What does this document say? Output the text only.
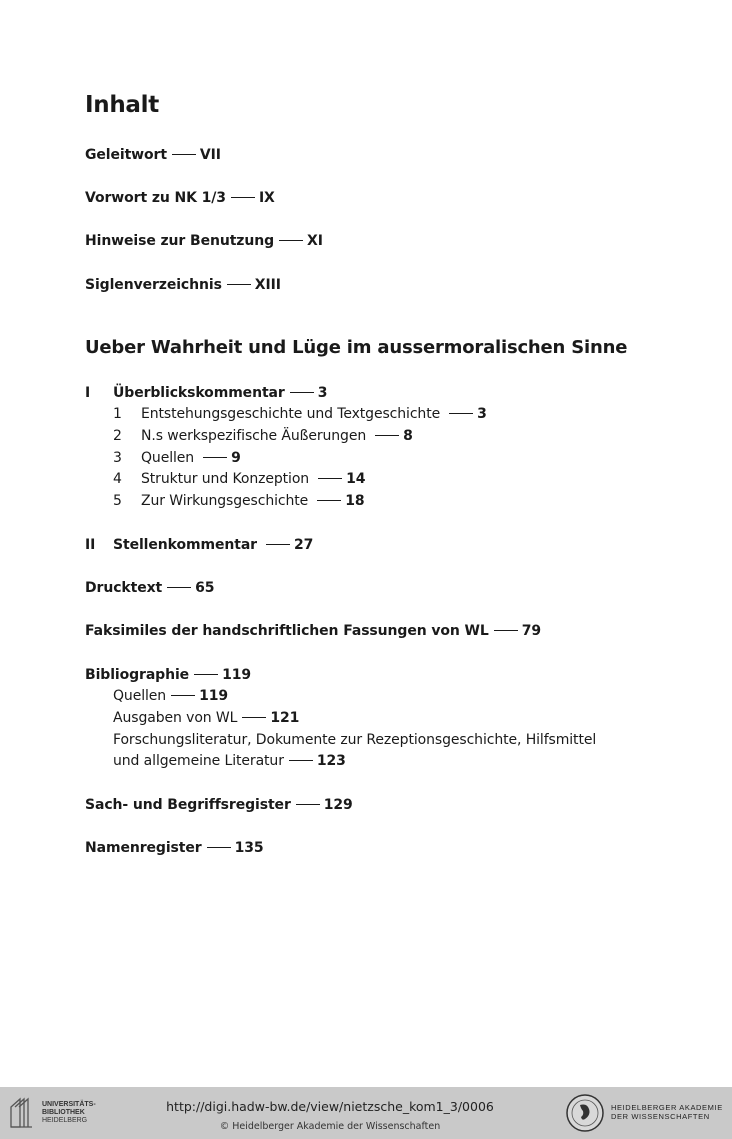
Inhalt
Geleitwort VII
Vorwort zu NK 1/3 IX
Hinweise zur Benutzung XI
Siglenverzeichnis XIII
Ueber Wahrheit und Lüge im aussermoralischen Sinne
I Überblickskommentar 3
1 Entstehungsgeschichte und Textgeschichte	3
2 N.s werkspezifische Äußerungen	8
3 Quellen	9
4 Struktur und Konzeption	14
5 Zur Wirkungsgeschichte	18
II Stellenkommentar	27
Drucktext 65
Faksimiles der handschriftlichen Fassungen von WL 79
Bibliographie 119
Quellen 119
Ausgaben von WL 121
Forschungsliteratur, Dokumente zur Rezeptionsgeschichte, Hilfsmittel
und allgemeine Literatur 123
Sach- und Begriffsregister 129
Namenregister 135
UNIVERSITÄTS-
BIBLIOTHEK
HEIDELBERG
http://digi.hadw-bw.de/view/nietzsche_kom1_3/0006
© Heidelberger Akademie der Wissenschaften
HEIDELBERGER AKADEMIE
DER WISSENSCHAFTEN
